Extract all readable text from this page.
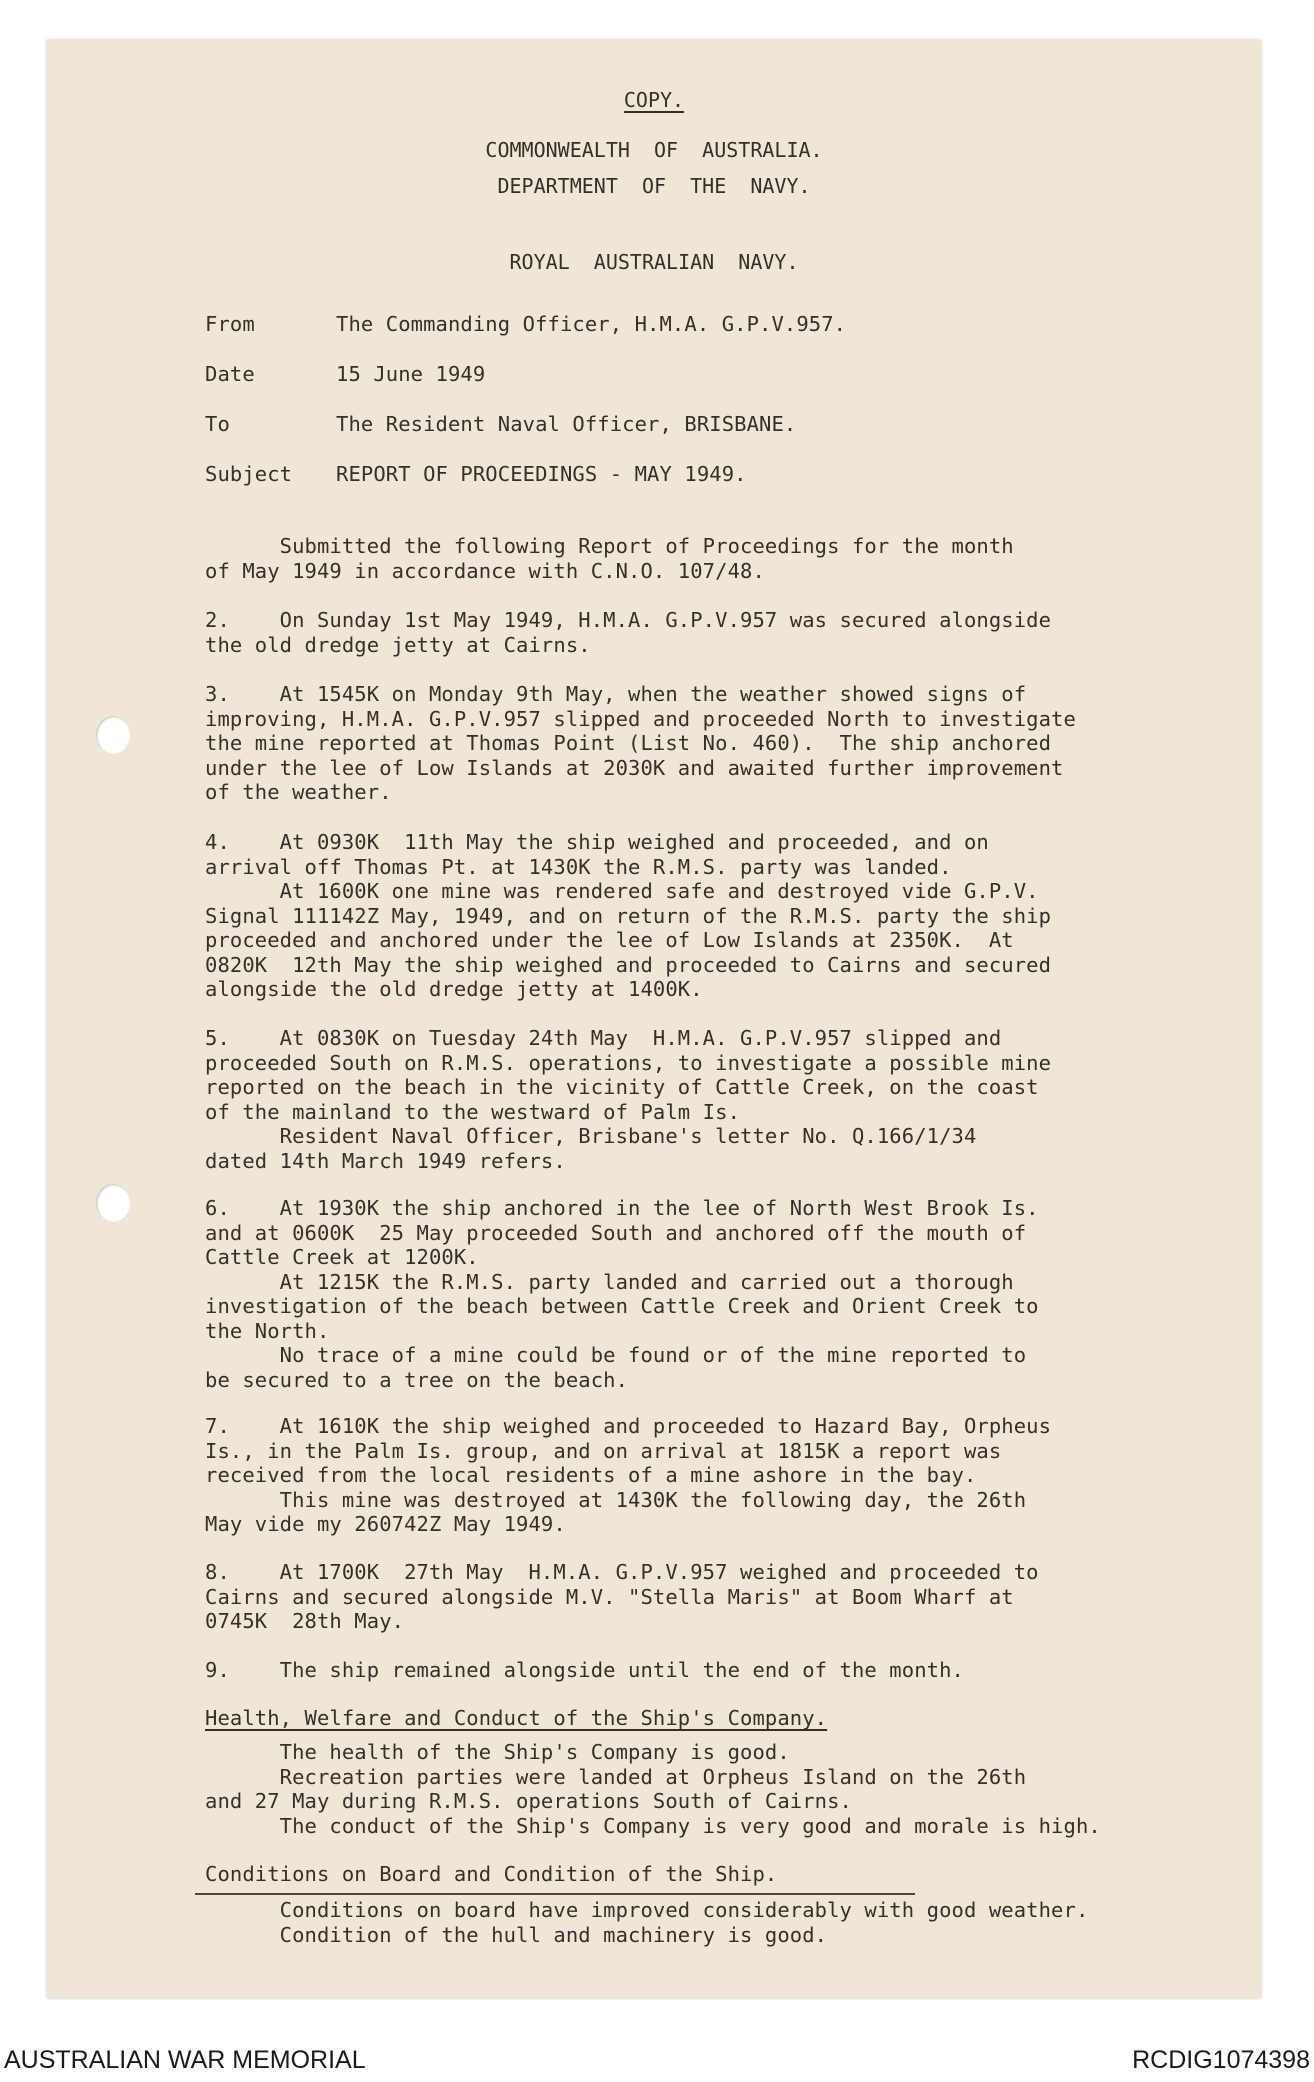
COPY.
COMMONWEALTH  OF  AUSTRALIA.
DEPARTMENT  OF  THE  NAVY.
ROYAL  AUSTRALIAN  NAVY.
From	The Commanding Officer, H.M.A. G.P.V.957.
Date	15 June 1949
To	The Resident Naval Officer, BRISBANE.
Subject REPORT OF PROCEEDINGS - MAY 1949.
Submitted the following Report of Proceedings for the month
of May 1949 in accordance with C.N.O. 107/48.
2.    On Sunday 1st May 1949, H.M.A. G.P.V.957 was secured alongside
the old dredge jetty at Cairns.
3.    At 1545K on Monday 9th May, when the weather showed signs of
improving, H.M.A. G.P.V.957 slipped and proceeded North to investigate
the mine reported at Thomas Point (List No. 460).  The ship anchored
under the lee of Low Islands at 2030K and awaited further improvement
of the weather.
4.    At 0930K  11th May the ship weighed and proceeded, and on
arrival off Thomas Pt. at 1430K the R.M.S. party was landed.
At 1600K one mine was rendered safe and destroyed vide G.P.V.
Signal 111142Z May, 1949, and on return of the R.M.S. party the ship
proceeded and anchored under the lee of Low Islands at 2350K.  At
0820K  12th May the ship weighed and proceeded to Cairns and secured
alongside the old dredge jetty at 1400K.
5.    At 0830K on Tuesday 24th May  H.M.A. G.P.V.957 slipped and
proceeded South on R.M.S. operations, to investigate a possible mine
reported on the beach in the vicinity of Cattle Creek, on the coast
of the mainland to the westward of Palm Is.
Resident Naval Officer, Brisbane's letter No. Q.166/1/34
dated 14th March 1949 refers.
6.    At 1930K the ship anchored in the lee of North West Brook Is.
and at 0600K  25 May proceeded South and anchored off the mouth of
Cattle Creek at 1200K.
At 1215K the R.M.S. party landed and carried out a thorough
investigation of the beach between Cattle Creek and Orient Creek to
the North.
No trace of a mine could be found or of the mine reported to
be secured to a tree on the beach.
7.    At 1610K the ship weighed and proceeded to Hazard Bay, Orpheus
Is., in the Palm Is. group, and on arrival at 1815K a report was
received from the local residents of a mine ashore in the bay.
This mine was destroyed at 1430K the following day, the 26th
May vide my 260742Z May 1949.
8.    At 1700K  27th May  H.M.A. G.P.V.957 weighed and proceeded to
Cairns and secured alongside M.V. "Stella Maris" at Boom Wharf at
0745K  28th May.
9.    The ship remained alongside until the end of the month.
Health, Welfare and Conduct of the Ship's Company.
The health of the Ship's Company is good.
Recreation parties were landed at Orpheus Island on the 26th
and 27 May during R.M.S. operations South of Cairns.
The conduct of the Ship's Company is very good and morale is high.
Conditions on Board and Condition of the Ship.
Conditions on board have improved considerably with good weather.
Condition of the hull and machinery is good.
AUSTRALIAN WAR MEMORIAL	RCDIG1074398
